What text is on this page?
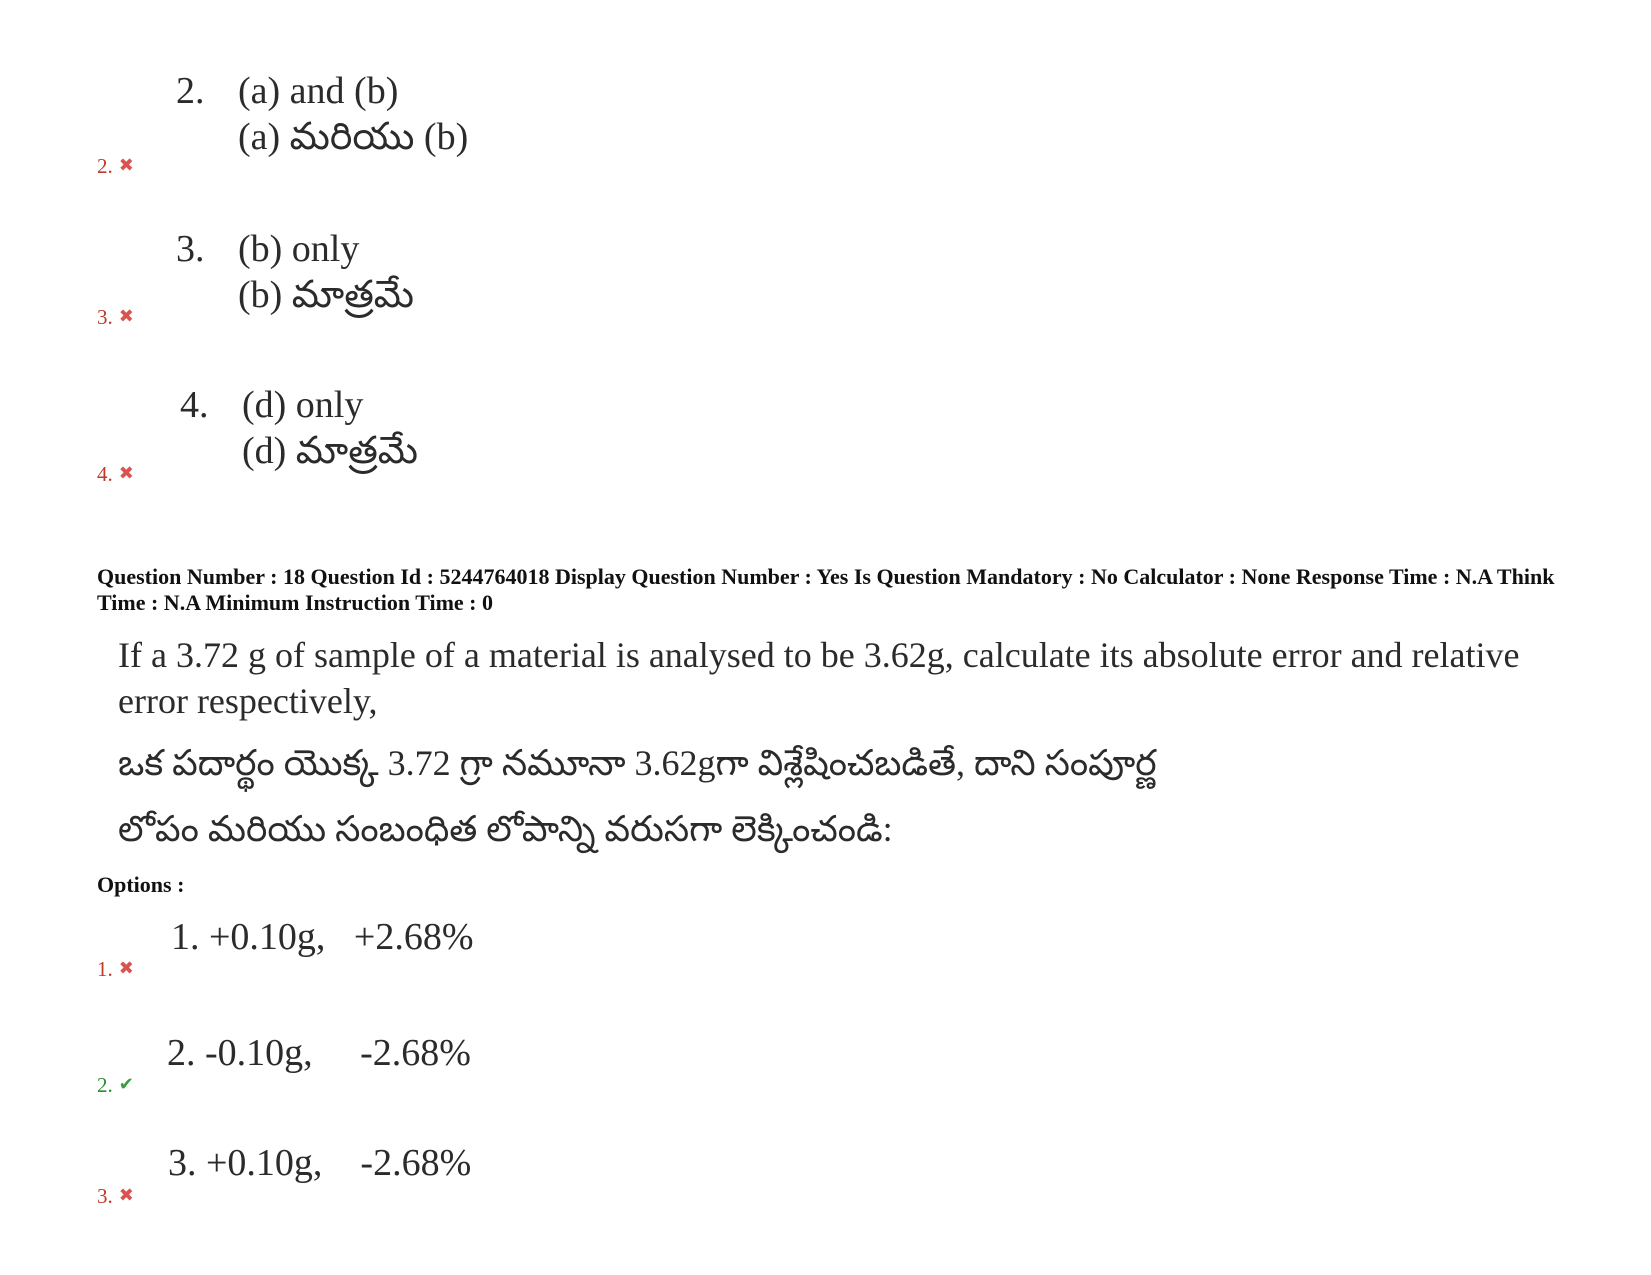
2. (a) and (b)
(a) మరియు (b)
2. ✖
3. (b) only
(b) మాత్రమే
3. ✖
4. (d) only
(d) మాత్రమే
4. ✖
Question Number : 18 Question Id : 5244764018 Display Question Number : Yes Is Question Mandatory : No Calculator : None Response Time : N.A Think Time : N.A Minimum Instruction Time : 0
If a 3.72 g of sample of a material is analysed to be 3.62g, calculate its absolute error and relative error respectively,
ఒక పదార్థం యొక్క 3.72 గ్రా నమూనా 3.62gగా విశ్లేషించబడితే, దాని సంపూర్ణ
లోపం మరియు సంబంధిత లోపాన్ని వరుసగా లెక్కించండి:
Options :
1. +0.10g,   +2.68%
1. ✖
2. -0.10g,     -2.68%
2. ✔
3. +0.10g,    -2.68%
3. ✖
